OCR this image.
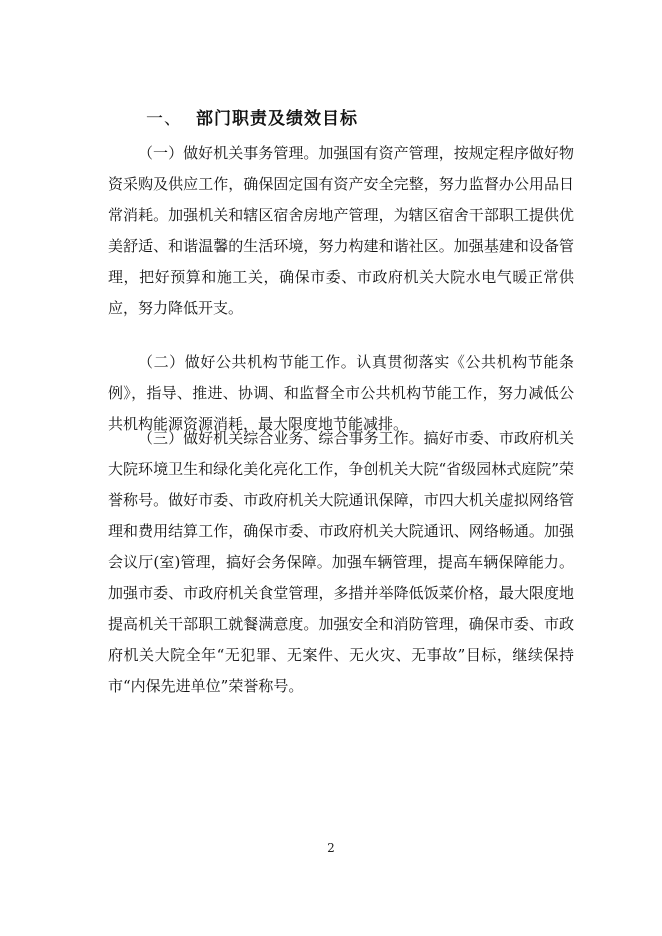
一、 部门职责及绩效目标

（一）做好机关事务管理。加强国有资产管理，按规定程序做好物资采购及供应工作，确保固定国有资产安全完整，努力监督办公用品日常消耗。加强机关和辖区宿舍房地产管理，为辖区宿舍干部职工提供优美舒适、和谐温馨的生活环境，努力构建和谐社区。加强基建和设备管理，把好预算和施工关，确保市委、市政府机关大院水电气暖正常供应，努力降低开支。

（二）做好公共机构节能工作。认真贯彻落实《公共机构节能条例》，指导、推进、协调、和监督全市公共机构节能工作，努力减低公共机构能源资源消耗，最大限度地节能减排。

（三）做好机关综合业务、综合事务工作。搞好市委、市政府机关大院环境卫生和绿化美化亮化工作，争创机关大院“省级园林式庭院”荣誉称号。做好市委、市政府机关大院通讯保障，市四大机关虚拟网络管理和费用结算工作，确保市委、市政府机关大院通讯、网络畅通。加强会议厅(室)管理，搞好会务保障。加强车辆管理，提高车辆保障能力。加强市委、市政府机关食堂管理，多措并举降低饭菜价格，最大限度地提高机关干部职工就餐满意度。加强安全和消防管理，确保市委、市政府机关大院全年“无犯罪、无案件、无火灾、无事故”目标，继续保持市“内保先进单位”荣誉称号。

2
